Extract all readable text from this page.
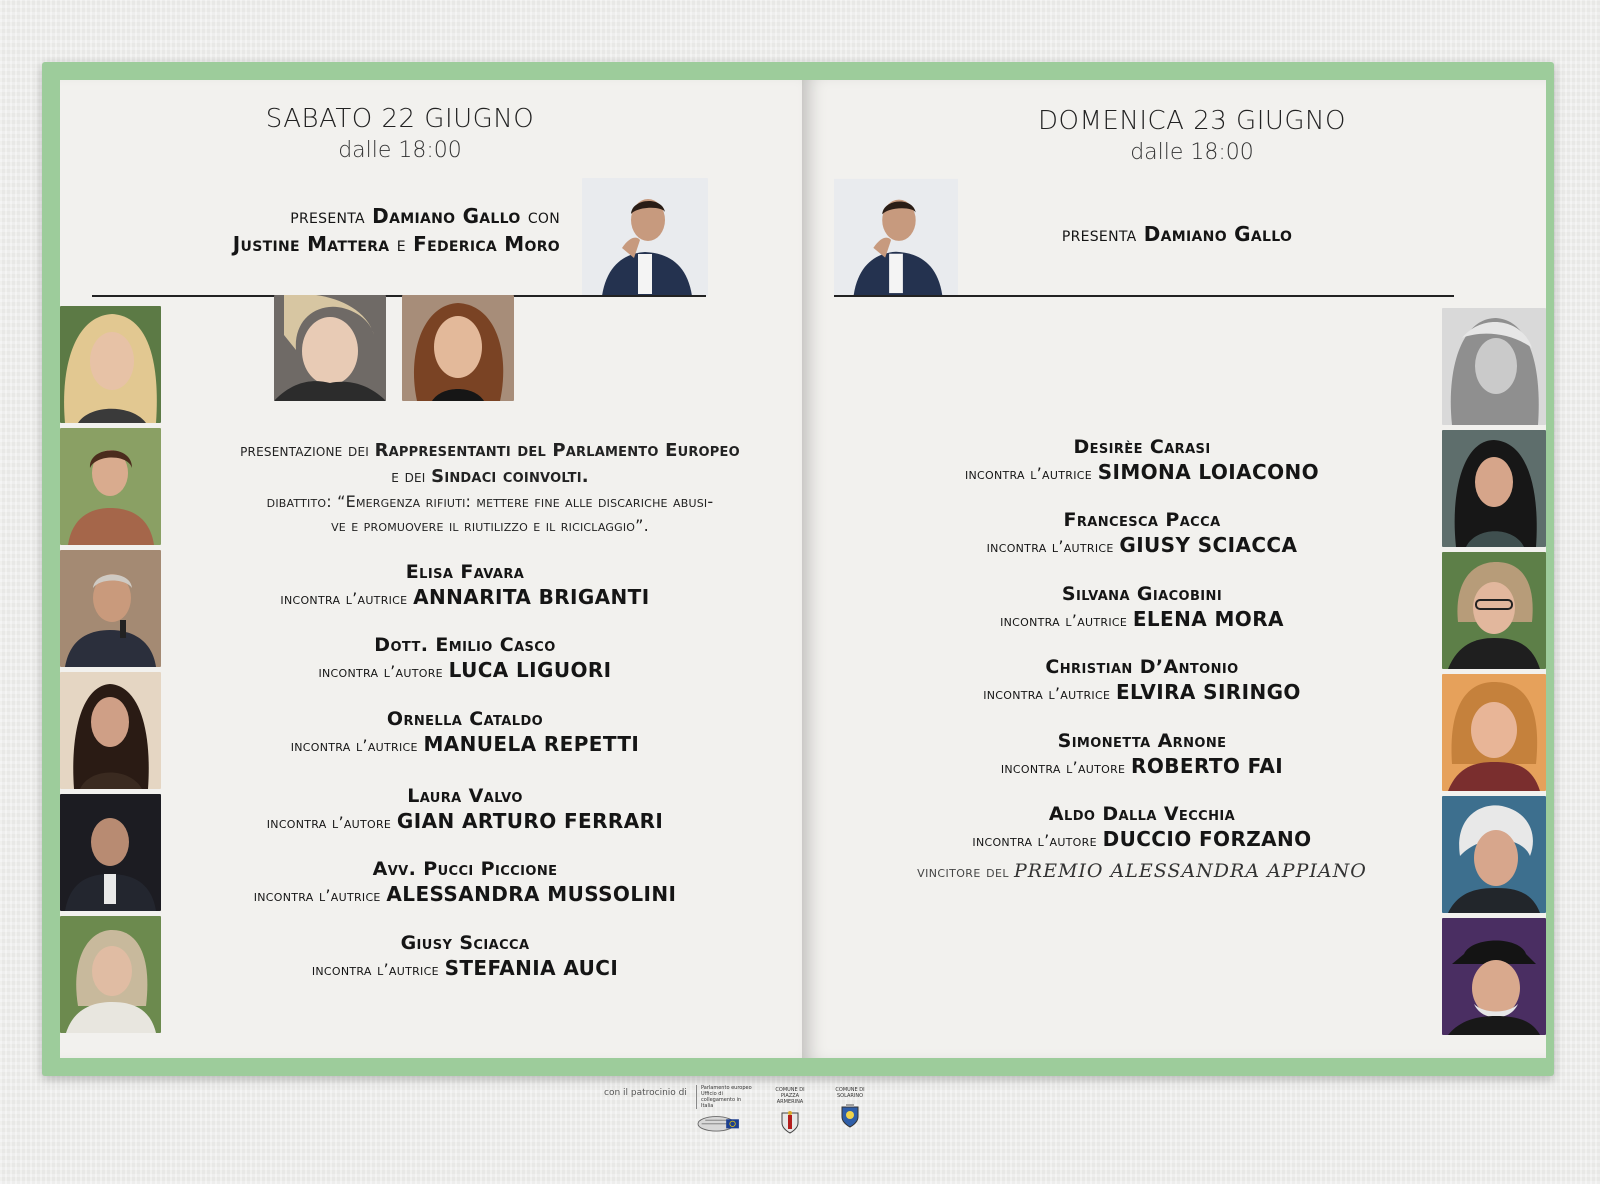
SABATO 22 GIUGNO
dalle 18:00
presenta Damiano Gallo con
Justine Mattera e Federica Moro
presentazione dei Rappresentanti del Parlamento Europeo
e dei Sindaci coinvolti.
dibattito: “Emergenza rifiuti: mettere fine alle discariche abusi-
ve e promuovere il riutilizzo e il riciclaggio”.
Elisa Favara
incontra l’autrice ANNARITA BRIGANTI
Dott. Emilio Casco
incontra l’autore LUCA LIGUORI
Ornella Cataldo
incontra l’autrice MANUELA REPETTI
Laura Valvo
incontra l’autore GIAN ARTURO FERRARI
Avv. Pucci Piccione
incontra l’autrice ALESSANDRA MUSSOLINI
Giusy Sciacca
incontra l’autrice STEFANIA AUCI
DOMENICA 23 GIUGNO
dalle 18:00
presenta Damiano Gallo
Desirèe Carasi
incontra l’autrice SIMONA LOIACONO
Francesca Pacca
incontra l’autrice GIUSY SCIACCA
Silvana Giacobini
incontra l’autrice ELENA MORA
Christian D’Antonio
incontra l’autrice ELVIRA SIRINGO
Simonetta Arnone
incontra l’autore ROBERTO FAI
Aldo Dalla Vecchia
incontra l’autore DUCCIO FORZANO
vincitore del PREMIO ALESSANDRA APPIANO
con il patrocinio di	Parlamento europeo Ufficio di collegamento in Italia
COMUNE DI PIAZZA ARMERINA
COMUNE DI SOLARINO
